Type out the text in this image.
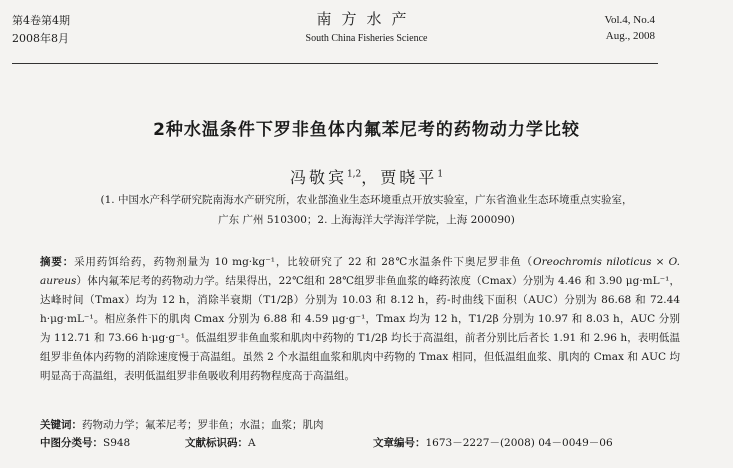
第4卷第4期
2008年8月
南方水产
South China Fisheries Science
Vol.4, No.4
Aug., 2008
2种水温条件下罗非鱼体内氟苯尼考的药物动力学比较
冯敬宾$^{1,2}$，贾晓平$^1$
(1. 中国水产科学研究院南海水产研究所，农业部渔业生态环境重点开放实验室，广东省渔业生态环境重点实验室，
广东 广州 510300；2. 上海海洋大学海洋学院，上海 200090)
摘要：采用药饵给药，药物剂量为 10 mg·kg⁻¹，比较研究了 22 和 28℃水温条件下奥尼罗非鱼（Oreochromis niloticus × O. aureus）体内氟苯尼考的药物动力学。结果得出，22℃组和 28℃组罗非鱼血浆的峰药浓度（Cmax）分别为 4.46 和 3.90 μg·mL⁻¹，达峰时间（Tmax）均为 12 h，消除半衰期（T1/2β）分别为 10.03 和 8.12 h，药-时曲线下面积（AUC）分别为 86.68 和 72.44 h·μg·mL⁻¹。相应条件下的肌肉 Cmax 分别为 6.88 和 4.59 μg·g⁻¹，Tmax 均为 12 h，T1/2β 分别为 10.97 和 8.03 h，AUC 分别为 112.71 和 73.66 h·μg·g⁻¹。低温组罗非鱼血浆和肌肉中药物的 T1/2β 均长于高温组，前者分别比后者长 1.91 和 2.96 h，表明低温组罗非鱼体内药物的消除速度慢于高温组。虽然 2 个水温组血浆和肌肉中药物的 Tmax 相同，但低温组血浆、肌肉的 Cmax 和 AUC 均明显高于高温组，表明低温组罗非鱼吸收利用药物程度高于高温组。
关键词：药物动力学；氟苯尼考；罗非鱼；水温；血浆；肌肉
中图分类号：S948	文献标识码：A	文章编号：1673－2227－(2008) 04－0049－06
